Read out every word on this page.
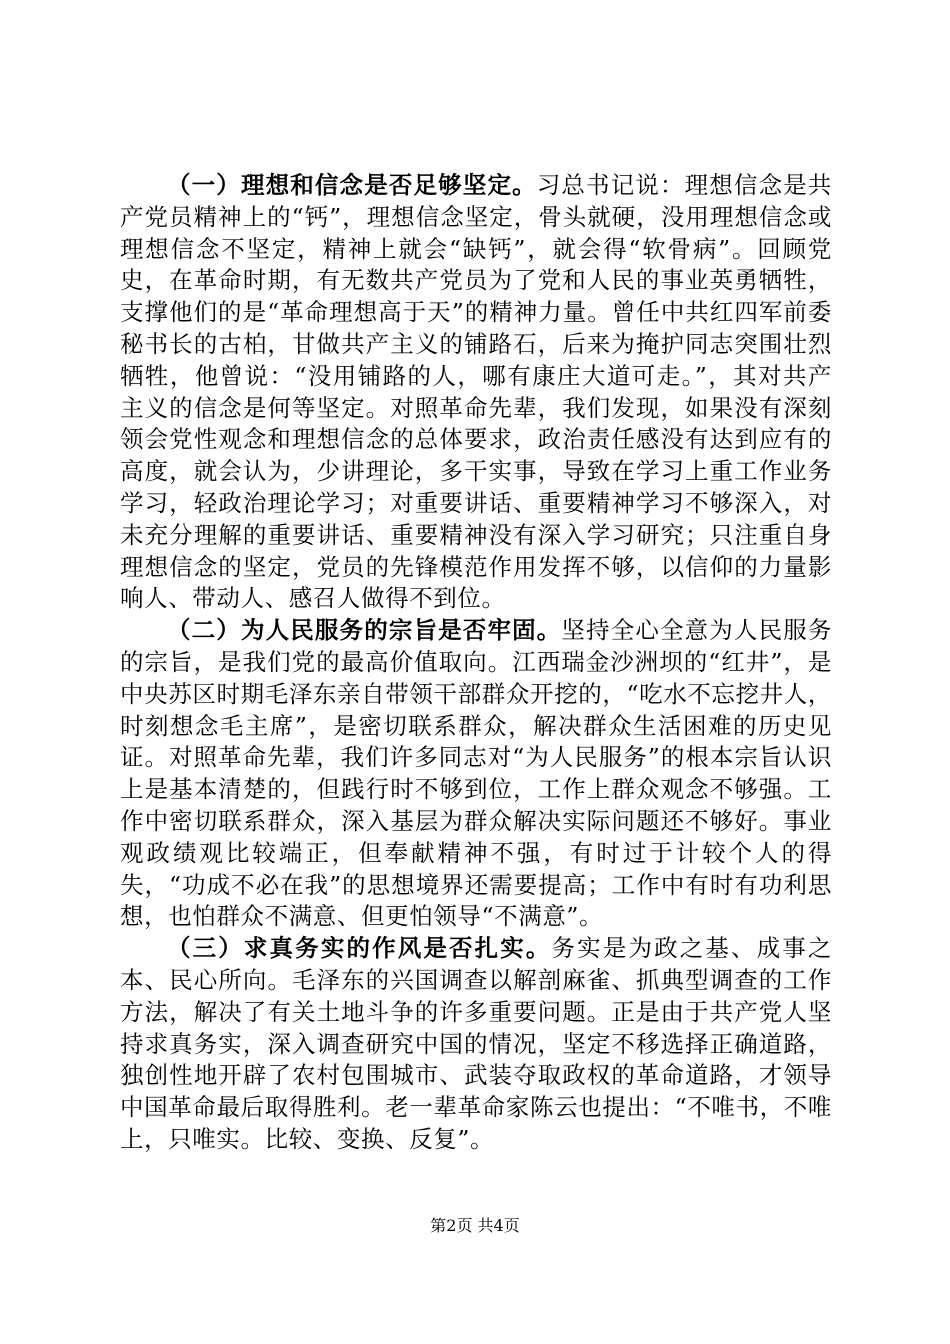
（一）理想和信念是否足够坚定。习总书记说：理想信念是共产党员精神上的“钙”，理想信念坚定，骨头就硬，没用理想信念或理想信念不坚定，精神上就会“缺钙”，就会得“软骨病”。回顾党史，在革命时期，有无数共产党员为了党和人民的事业英勇牺牲，支撑他们的是“革命理想高于天”的精神力量。曾任中共红四军前委秘书长的古柏，甘做共产主义的铺路石，后来为掩护同志突围壮烈牺牲，他曾说：“没用铺路的人，哪有康庄大道可走。”，其对共产主义的信念是何等坚定。对照革命先辈，我们发现，如果没有深刻领会党性观念和理想信念的总体要求，政治责任感没有达到应有的高度，就会认为，少讲理论，多干实事，导致在学习上重工作业务学习，轻政治理论学习；对重要讲话、重要精神学习不够深入，对未充分理解的重要讲话、重要精神没有深入学习研究；只注重自身理想信念的坚定，党员的先锋模范作用发挥不够，以信仰的力量影响人、带动人、感召人做得不到位。

（二）为人民服务的宗旨是否牢固。坚持全心全意为人民服务的宗旨，是我们党的最高价值取向。江西瑞金沙洲坝的“红井”，是中央苏区时期毛泽东亲自带领干部群众开挖的，“吃水不忘挖井人，时刻想念毛主席”，是密切联系群众，解决群众生活困难的历史见证。对照革命先辈，我们许多同志对“为人民服务”的根本宗旨认识上是基本清楚的，但践行时不够到位，工作上群众观念不够强。工作中密切联系群众，深入基层为群众解决实际问题还不够好。事业观政绩观比较端正，但奉献精神不强，有时过于计较个人的得失，“功成不必在我”的思想境界还需要提高；工作中有时有功利思想，也怕群众不满意、但更怕领导“不满意”。

（三）求真务实的作风是否扎实。务实是为政之基、成事之本、民心所向。毛泽东的兴国调查以解剖麻雀、抓典型调查的工作方法，解决了有关土地斗争的许多重要问题。正是由于共产党人坚持求真务实，深入调查研究中国的情况，坚定不移选择正确道路，独创性地开辟了农村包围城市、武装夺取政权的革命道路，才领导中国革命最后取得胜利。老一辈革命家陈云也提出：“不唯书，不唯上，只唯实。比较、变换、反复”。

第2页 共4页
